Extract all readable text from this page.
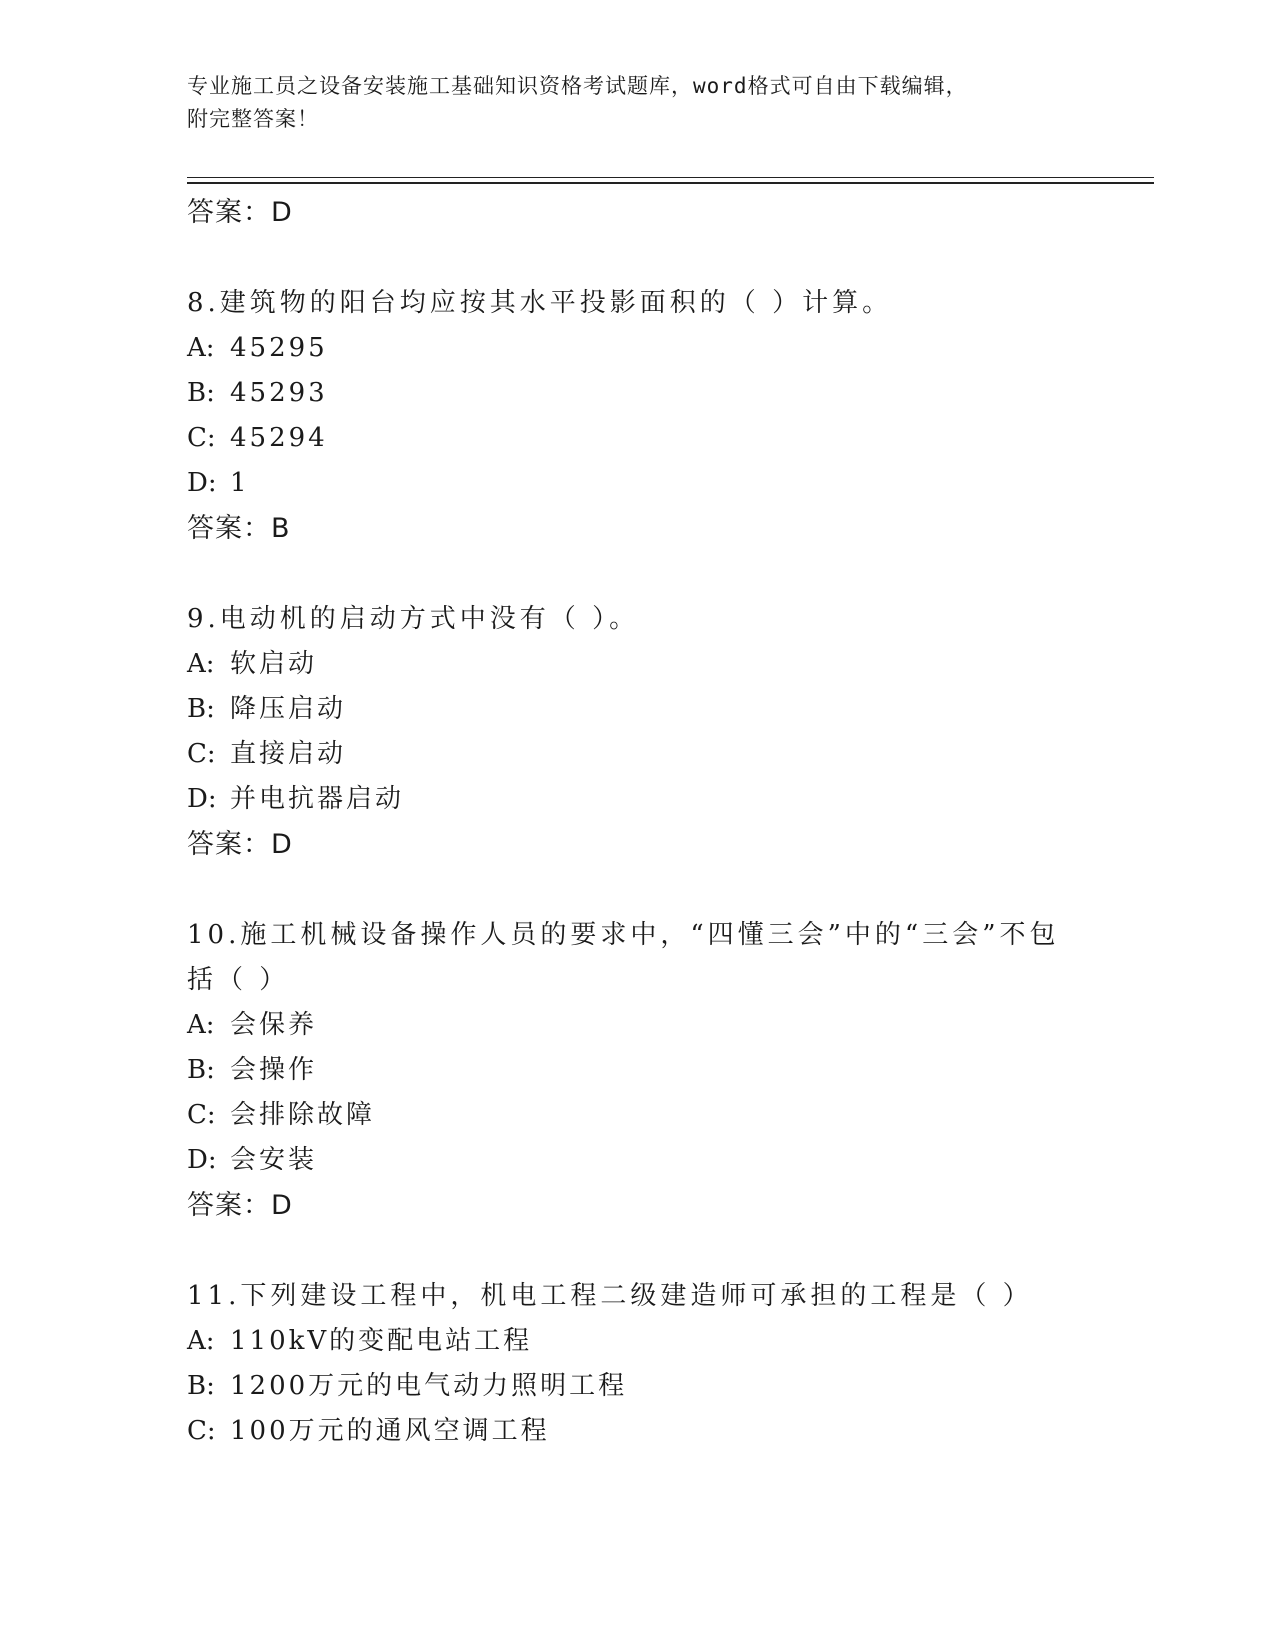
专业施工员之设备安装施工基础知识资格考试题库，word格式可自由下载编辑，
附完整答案！
答案：D
8.建筑物的阳台均应按其水平投影面积的（ ）计算。
A: 45295
B: 45293
C: 45294
D: 1
答案：B
9.电动机的启动方式中没有（ ）。
A: 软启动
B: 降压启动
C: 直接启动
D: 并电抗器启动
答案：D
10.施工机械设备操作人员的要求中，“四懂三会”中的“三会”不包括（ ）
A: 会保养
B: 会操作
C: 会排除故障
D: 会安装
答案：D
11.下列建设工程中，机电工程二级建造师可承担的工程是（ ）
A: 110kV的变配电站工程
B: 1200万元的电气动力照明工程
C: 100万元的通风空调工程
